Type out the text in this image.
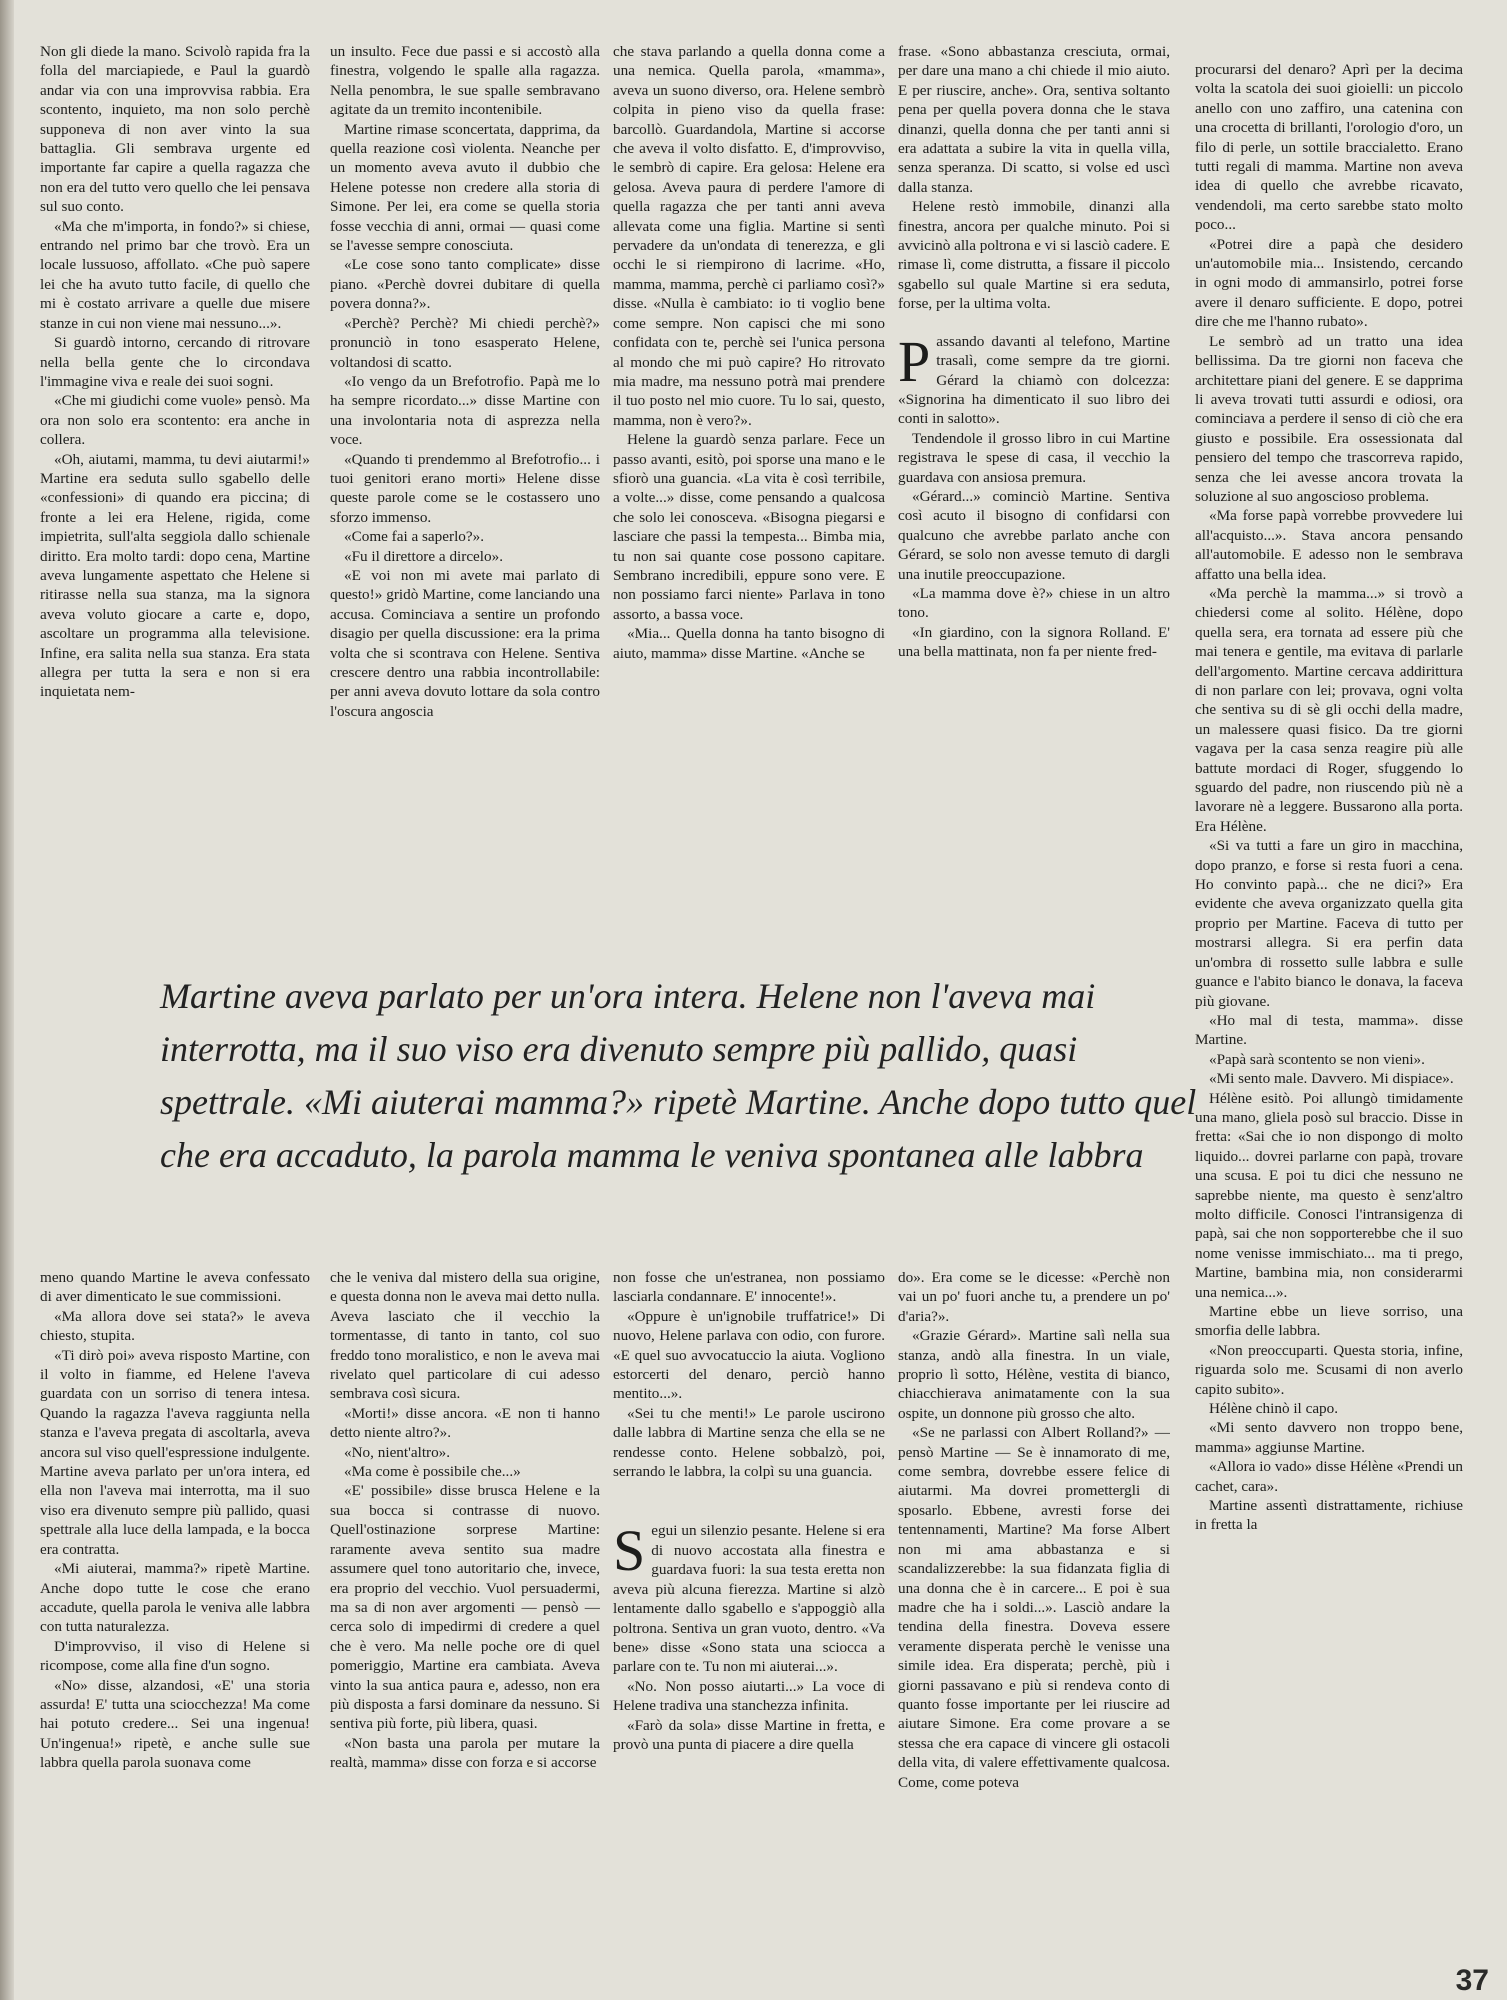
Non gli diede la mano. Scivolò rapida fra la folla del marciapiede, e Paul la guardò andar via con una improvvisa rabbia. Era scontento, inquieto, ma non solo perchè supponeva di non aver vinto la sua battaglia. Gli sembrava urgente ed importante far capire a quella ragazza che non era del tutto vero quello che lei pensava sul suo conto.

«Ma che m'importa, in fondo?» si chiese, entrando nel primo bar che trovò. Era un locale lussuoso, affollato. «Che può sapere lei che ha avuto tutto facile, di quello che mi è costato arrivare a quelle due misere stanze in cui non viene mai nessuno...».

Si guardò intorno, cercando di ritrovare nella bella gente che lo circondava l'immagine viva e reale dei suoi sogni.

«Che mi giudichi come vuole» pensò. Ma ora non solo era scontento: era anche in collera.

«Oh, aiutami, mamma, tu devi aiutarmi!» Martine era seduta sullo sgabello delle «confessioni» di quando era piccina; di fronte a lei era Helene, rigida, come impietrita, sull'alta seggiola dallo schienale diritto. Era molto tardi: dopo cena, Martine aveva lungamente aspettato che Helene si ritirasse nella sua stanza, ma la signora aveva voluto giocare a carte e, dopo, ascoltare un programma alla televisione. Infine, era salita nella sua stanza. Era stata allegra per tutta la sera e non si era inquietata nem-

un insulto. Fece due passi e si accostò alla finestra, volgendo le spalle alla ragazza. Nella penombra, le sue spalle sembravano agitate da un tremito incontenibile.

Martine rimase sconcertata, dapprima, da quella reazione così violenta. Neanche per un momento aveva avuto il dubbio che Helene potesse non credere alla storia di Simone. Per lei, era come se quella storia fosse vecchia di anni, ormai — quasi come se l'avesse sempre conosciuta.

«Le cose sono tanto complicate» disse piano. «Perchè dovrei dubitare di quella povera donna?».

«Perchè? Perchè? Mi chiedi perchè?» pronunciò in tono esasperato Helene, voltandosi di scatto.

«Io vengo da un Brefotrofio. Papà me lo ha sempre ricordato...» disse Martine con una involontaria nota di asprezza nella voce.

«Quando ti prendemmo al Brefotrofio... i tuoi genitori erano morti» Helene disse queste parole come se le costassero uno sforzo immenso.

«Come fai a saperlo?».

«Fu il direttore a dircelo».

«E voi non mi avete mai parlato di questo!» gridò Martine, come lanciando una accusa. Cominciava a sentire un profondo disagio per quella discussione: era la prima volta che si scontrava con Helene. Sentiva crescere dentro una rabbia incontrollabile: per anni aveva dovuto lottare da sola contro l'oscura angoscia

che stava parlando a quella donna come a una nemica. Quella parola, «mamma», aveva un suono diverso, ora. Helene sembrò colpita in pieno viso da quella frase: barcollò. Guardandola, Martine si accorse che aveva il volto disfatto. E, d'improvviso, le sembrò di capire. Era gelosa: Helene era gelosa. Aveva paura di perdere l'amore di quella ragazza che per tanti anni aveva allevata come una figlia. Martine si sentì pervadere da un'ondata di tenerezza, e gli occhi le si riempirono di lacrime. «Ho, mamma, mamma, perchè ci parliamo così?» disse. «Nulla è cambiato: io ti voglio bene come sempre. Non capisci che mi sono confidata con te, perchè sei l'unica persona al mondo che mi può capire? Ho ritrovato mia madre, ma nessuno potrà mai prendere il tuo posto nel mio cuore. Tu lo sai, questo, mamma, non è vero?».

Helene la guardò senza parlare. Fece un passo avanti, esitò, poi sporse una mano e le sfiorò una guancia. «La vita è così terribile, a volte...» disse, come pensando a qualcosa che solo lei conosceva. «Bisogna piegarsi e lasciare che passi la tempesta... Bimba mia, tu non sai quante cose possono capitare. Sembrano incredibili, eppure sono vere. E non possiamo farci niente» Parlava in tono assorto, a bassa voce.

«Mia... Quella donna ha tanto bisogno di aiuto, mamma» disse Martine. «Anche se

frase. «Sono abbastanza cresciuta, ormai, per dare una mano a chi chiede il mio aiuto. E per riuscire, anche». Ora, sentiva soltanto pena per quella povera donna che le stava dinanzi, quella donna che per tanti anni si era adattata a subire la vita in quella villa, senza speranza. Di scatto, si volse ed uscì dalla stanza.

Helene restò immobile, dinanzi alla finestra, ancora per qualche minuto. Poi si avvicinò alla poltrona e vi si lasciò cadere. E rimase lì, come distrutta, a fissare il piccolo sgabello sul quale Martine si era seduta, forse, per la ultima volta.

Passando davanti al telefono, Martine trasalì, come sempre da tre giorni. Gérard la chiamò con dolcezza: «Signorina ha dimenticato il suo libro dei conti in salotto».

Tendendole il grosso libro in cui Martine registrava le spese di casa, il vecchio la guardava con ansiosa premura.

«Gérard...» cominciò Martine. Sentiva così acuto il bisogno di confidarsi con qualcuno che avrebbe parlato anche con Gérard, se solo non avesse temuto di dargli una inutile preoccupazione.

«La mamma dove è?» chiese in un altro tono.

«In giardino, con la signora Rolland. E' una bella mattinata, non fa per niente fred-

procurarsi del denaro? Aprì per la decima volta la scatola dei suoi gioielli: un piccolo anello con uno zaffiro, una catenina con una crocetta di brillanti, l'orologio d'oro, un filo di perle, un sottile braccialetto. Erano tutti regali di mamma. Martine non aveva idea di quello che avrebbe ricavato, vendendoli, ma certo sarebbe stato molto poco...

«Potrei dire a papà che desidero un'automobile mia... Insistendo, cercando in ogni modo di ammansirlo, potrei forse avere il denaro sufficiente. E dopo, potrei dire che me l'hanno rubato».

Le sembrò ad un tratto una idea bellissima. Da tre giorni non faceva che architettare piani del genere. E se dapprima li aveva trovati tutti assurdi e odiosi, ora cominciava a perdere il senso di ciò che era giusto e possibile. Era ossessionata dal pensiero del tempo che trascorreva rapido, senza che lei avesse ancora trovata la soluzione al suo angoscioso problema.

«Ma forse papà vorrebbe provvedere lui all'acquisto...». Stava ancora pensando all'automobile. E adesso non le sembrava affatto una bella idea.

«Ma perchè la mamma...» si trovò a chiedersi come al solito. Hélène, dopo quella sera, era tornata ad essere più che mai tenera e gentile, ma evitava di parlarle dell'argomento. Martine cercava addirittura di non parlare con lei; provava, ogni volta che sentiva su di sè gli occhi della madre, un malessere quasi fisico. Da tre giorni vagava per la casa senza reagire più alle battute mordaci di Roger, sfuggendo lo sguardo del padre, non riuscendo più nè a lavorare nè a leggere. Bussarono alla porta. Era Hélène.

«Si va tutti a fare un giro in macchina, dopo pranzo, e forse si resta fuori a cena. Ho convinto papà... che ne dici?» Era evidente che aveva organizzato quella gita proprio per Martine. Faceva di tutto per mostrarsi allegra. Si era perfin data un'ombra di rossetto sulle labbra e sulle guance e l'abito bianco le donava, la faceva più giovane.

«Ho mal di testa, mamma». disse Martine.

«Papà sarà scontento se non vieni».

«Mi sento male. Davvero. Mi dispiace».

Hélène esitò. Poi allungò timidamente una mano, gliela posò sul braccio. Disse in fretta: «Sai che io non dispongo di molto liquido... dovrei parlarne con papà, trovare una scusa. E poi tu dici che nessuno ne saprebbe niente, ma questo è senz'altro molto difficile. Conosci l'intransigenza di papà, sai che non sopporterebbe che il suo nome venisse immischiato... ma ti prego, Martine, bambina mia, non considerarmi una nemica...».

Martine ebbe un lieve sorriso, una smorfia delle labbra.

«Non preoccuparti. Questa storia, infine, riguarda solo me. Scusami di non averlo capito subito».

Hélène chinò il capo.

«Mi sento davvero non troppo bene, mamma» aggiunse Martine.

«Allora io vado» disse Hélène «Prendi un cachet, cara».

Martine assentì distrattamente, richiuse in fretta la

Martine aveva parlato per un'ora intera. Helene non l'aveva mai
interrotta, ma il suo viso era divenuto sempre più pallido, quasi
spettrale. «Mi aiuterai mamma?» ripetè Martine. Anche dopo tutto quel
che era accaduto, la parola mamma le veniva spontanea alle labbra

meno quando Martine le aveva confessato di aver dimenticato le sue commissioni.

«Ma allora dove sei stata?» le aveva chiesto, stupita.

«Ti dirò poi» aveva risposto Martine, con il volto in fiamme, ed Helene l'aveva guardata con un sorriso di tenera intesa. Quando la ragazza l'aveva raggiunta nella stanza e l'aveva pregata di ascoltarla, aveva ancora sul viso quell'espressione indulgente. Martine aveva parlato per un'ora intera, ed ella non l'aveva mai interrotta, ma il suo viso era divenuto sempre più pallido, quasi spettrale alla luce della lampada, e la bocca era contratta.

«Mi aiuterai, mamma?» ripetè Martine. Anche dopo tutte le cose che erano accadute, quella parola le veniva alle labbra con tutta naturalezza.

D'improvviso, il viso di Helene si ricompose, come alla fine d'un sogno.

«No» disse, alzandosi, «E' una storia assurda! E' tutta una sciocchezza! Ma come hai potuto credere... Sei una ingenua! Un'ingenua!» ripetè, e anche sulle sue labbra quella parola suonava come

che le veniva dal mistero della sua origine, e questa donna non le aveva mai detto nulla. Aveva lasciato che il vecchio la tormentasse, di tanto in tanto, col suo freddo tono moralistico, e non le aveva mai rivelato quel particolare di cui adesso sembrava così sicura.

«Morti!» disse ancora. «E non ti hanno detto niente altro?».

«No, nient'altro».

«Ma come è possibile che...»

«E' possibile» disse brusca Helene e la sua bocca si contrasse di nuovo. Quell'ostinazione sorprese Martine: raramente aveva sentito sua madre assumere quel tono autoritario che, invece, era proprio del vecchio. Vuol persuadermi, ma sa di non aver argomenti — pensò — cerca solo di impedirmi di credere a quel che è vero. Ma nelle poche ore di quel pomeriggio, Martine era cambiata. Aveva vinto la sua antica paura e, adesso, non era più disposta a farsi dominare da nessuno. Si sentiva più forte, più libera, quasi.

«Non basta una parola per mutare la realtà, mamma» disse con forza e si accorse

non fosse che un'estranea, non possiamo lasciarla condannare. E' innocente!».

«Oppure è un'ignobile truffatrice!» Di nuovo, Helene parlava con odio, con furore. «E quel suo avvocatuccio la aiuta. Vogliono estorcerti del denaro, perciò hanno mentito...».

«Sei tu che menti!» Le parole uscirono dalle labbra di Martine senza che ella se ne rendesse conto. Helene sobbalzò, poi, serrando le labbra, la colpì su una guancia.

Segui un silenzio pesante. Helene si era di nuovo accostata alla finestra e guardava fuori: la sua testa eretta non aveva più alcuna fierezza. Martine si alzò lentamente dallo sgabello e s'appoggiò alla poltrona. Sentiva un gran vuoto, dentro. «Va bene» disse «Sono stata una sciocca a parlare con te. Tu non mi aiuterai...».

«No. Non posso aiutarti...» La voce di Helene tradiva una stanchezza infinita.

«Farò da sola» disse Martine in fretta, e provò una punta di piacere a dire quella

do». Era come se le dicesse: «Perchè non vai un po' fuori anche tu, a prendere un po' d'aria?».

«Grazie Gérard». Martine salì nella sua stanza, andò alla finestra. In un viale, proprio lì sotto, Hélène, vestita di bianco, chiacchierava animatamente con la sua ospite, un donnone più grosso che alto.

«Se ne parlassi con Albert Rolland?» — pensò Martine — Se è innamorato di me, come sembra, dovrebbe essere felice di aiutarmi. Ma dovrei promettergli di sposarlo. Ebbene, avresti forse dei tentennamenti, Martine? Ma forse Albert non mi ama abbastanza e si scandalizzerebbe: la sua fidanzata figlia di una donna che è in carcere... E poi è sua madre che ha i soldi...». Lasciò andare la tendina della finestra. Doveva essere veramente disperata perchè le venisse una simile idea. Era disperata; perchè, più i giorni passavano e più si rendeva conto di quanto fosse importante per lei riuscire ad aiutare Simone. Era come provare a se stessa che era capace di vincere gli ostacoli della vita, di valere effettivamente qualcosa. Come, come poteva

37
